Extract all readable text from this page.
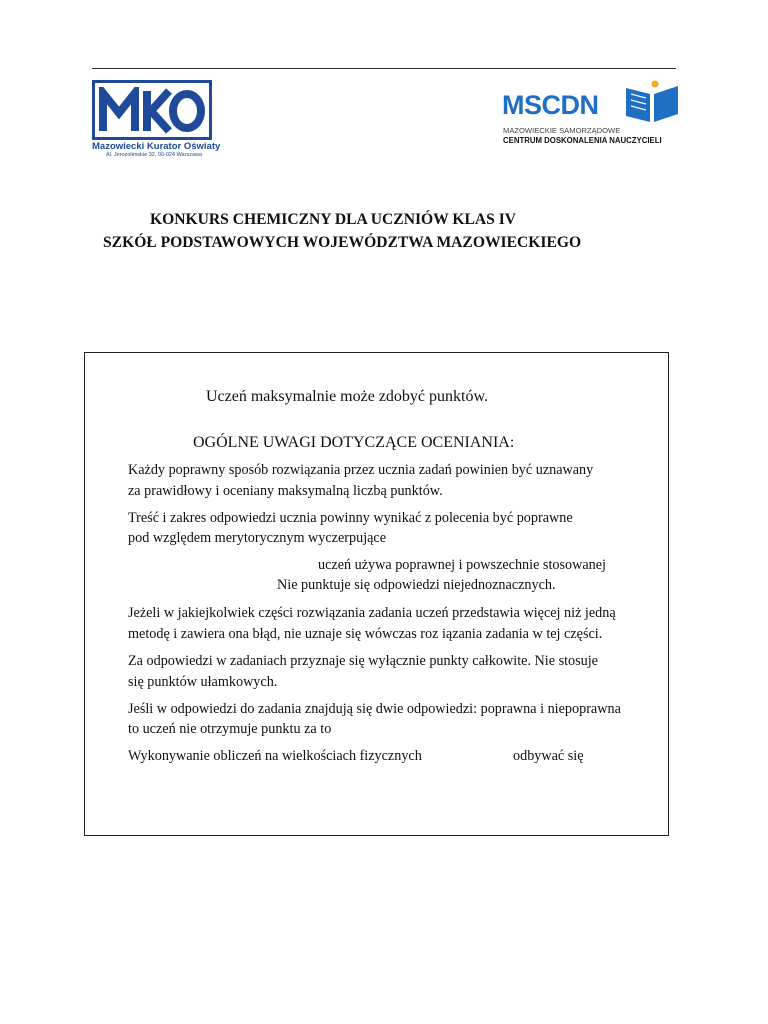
Mazowiecki Kurator Oświaty
Al. Jerozolimskie 32, 00-024 Warszawa
MSCDN
MAZOWIECKIE SAMORZĄDOWE
CENTRUM DOSKONALENIA NAUCZYCIELI
KONKURS CHEMICZNY DLA UCZNIÓW KLAS IV
SZKÓŁ PODSTAWOWYCH WOJEWÓDZTWA MAZOWIECKIEGO
Uczeń maksymalnie może zdobyć punktów.
OGÓLNE UWAGI DOTYCZĄCE OCENIANIA:
Każdy poprawny sposób rozwiązania przez ucznia zadań powinien być uznawany
za prawidłowy i oceniany maksymalną liczbą punktów.
Treść i zakres odpowiedzi ucznia powinny wynikać z polecenia być poprawne
pod względem merytorycznym wyczerpujące
uczeń używa poprawnej i powszechnie stosowanej
Nie punktuje się odpowiedzi niejednoznacznych.
Jeżeli w jakiejkolwiek części rozwiązania zadania uczeń przedstawia więcej niż jedną
metodę i zawiera ona błąd, nie uznaje się wówczas roz iązania zadania w tej części.
Za odpowiedzi w zadaniach przyznaje się wyłącznie punkty całkowite. Nie stosuje
się punktów ułamkowych.
Jeśli w odpowiedzi do zadania znajdują się dwie odpowiedzi: poprawna i niepoprawna
to uczeń nie otrzymuje punktu za to
Wykonywanie obliczeń na wielkościach fizycznych	odbywać się
